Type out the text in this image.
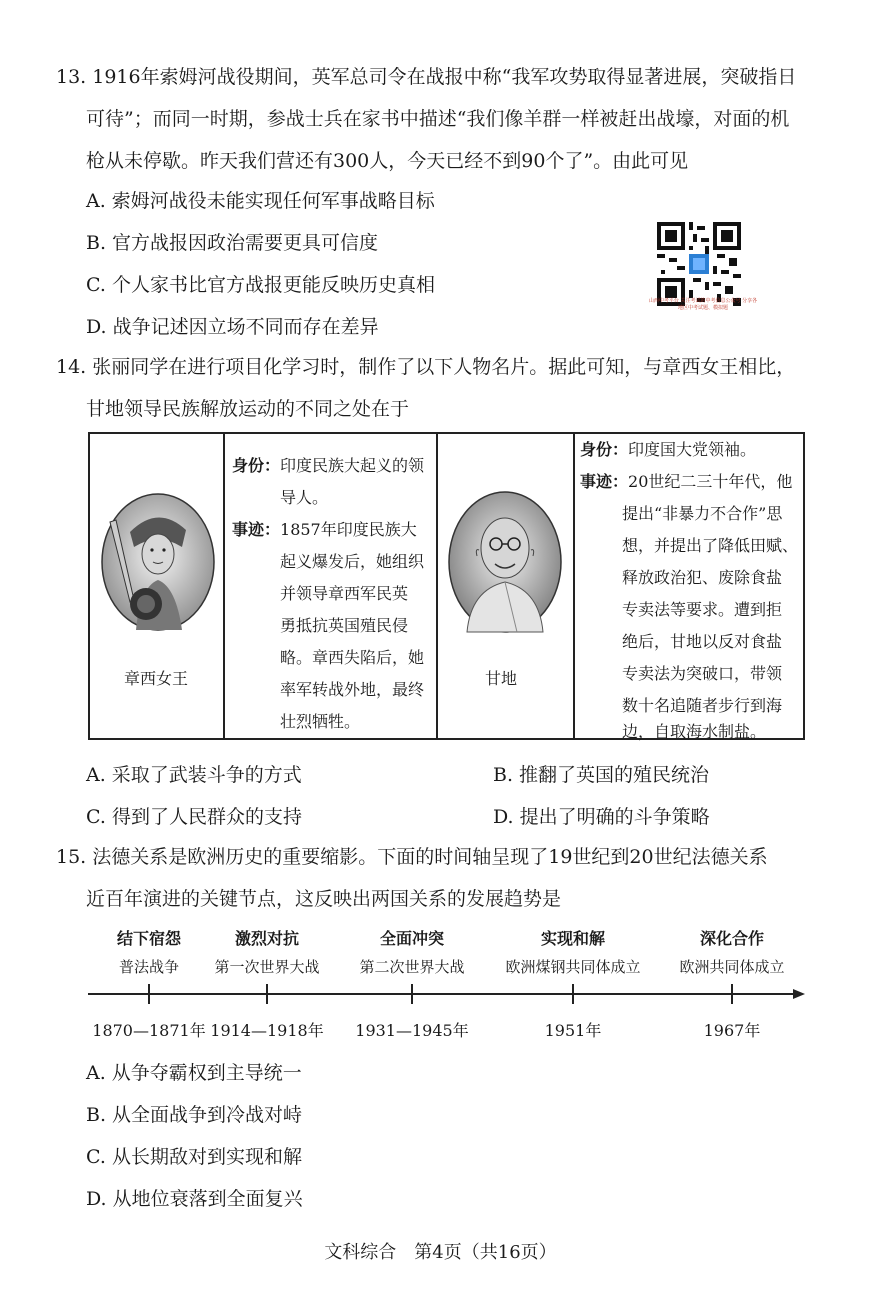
13. 1916年索姆河战役期间，英军总司令在战报中称“我军攻势取得显著进展，突破指日
可待”；而同一时期，参战士兵在家书中描述“我们像羊群一样被赶出战壕，对面的机
枪从未停歇。昨天我们营还有300人，今天已经不到90个了”。由此可见
A. 索姆河战役未能实现任何军事战略目标
B. 官方战报因政治需要更具可信度
C. 个人家书比官方战报更能反映历史真相
D. 战争记述因立场不同而存在差异
山西中考平台 关注考试的中考信息公众号 分享各地区中考试题、模拟题
14. 张丽同学在进行项目化学习时，制作了以下人物名片。据此可知，与章西女王相比，
甘地领导民族解放运动的不同之处在于
章西女王
身份：印度民族大起义的领
导人。
事迹：1857年印度民族大
起义爆发后，她组织
并领导章西军民英
勇抵抗英国殖民侵
略。章西失陷后，她
率军转战外地，最终
壮烈牺牲。
甘地
身份：印度国大党领袖。
事迹：20世纪二三十年代，他
提出“非暴力不合作”思
想，并提出了降低田赋、
释放政治犯、废除食盐
专卖法等要求。遭到拒
绝后，甘地以反对食盐
专卖法为突破口，带领
数十名追随者步行到海
边，自取海水制盐。
A. 采取了武装斗争的方式	B. 推翻了英国的殖民统治
C. 得到了人民群众的支持	D. 提出了明确的斗争策略
15. 法德关系是欧洲历史的重要缩影。下面的时间轴呈现了19世纪到20世纪法德关系
近百年演进的关键节点，这反映出两国关系的发展趋势是
结下宿怨
普法战争
1870—1871年
激烈对抗
第一次世界大战
1914—1918年
全面冲突
第二次世界大战
1931—1945年
实现和解
欧洲煤钢共同体成立
1951年
深化合作
欧洲共同体成立
1967年
A. 从争夺霸权到主导统一
B. 从全面战争到冷战对峙
C. 从长期敌对到实现和解
D. 从地位衰落到全面复兴
文科综合　第4页（共16页）
